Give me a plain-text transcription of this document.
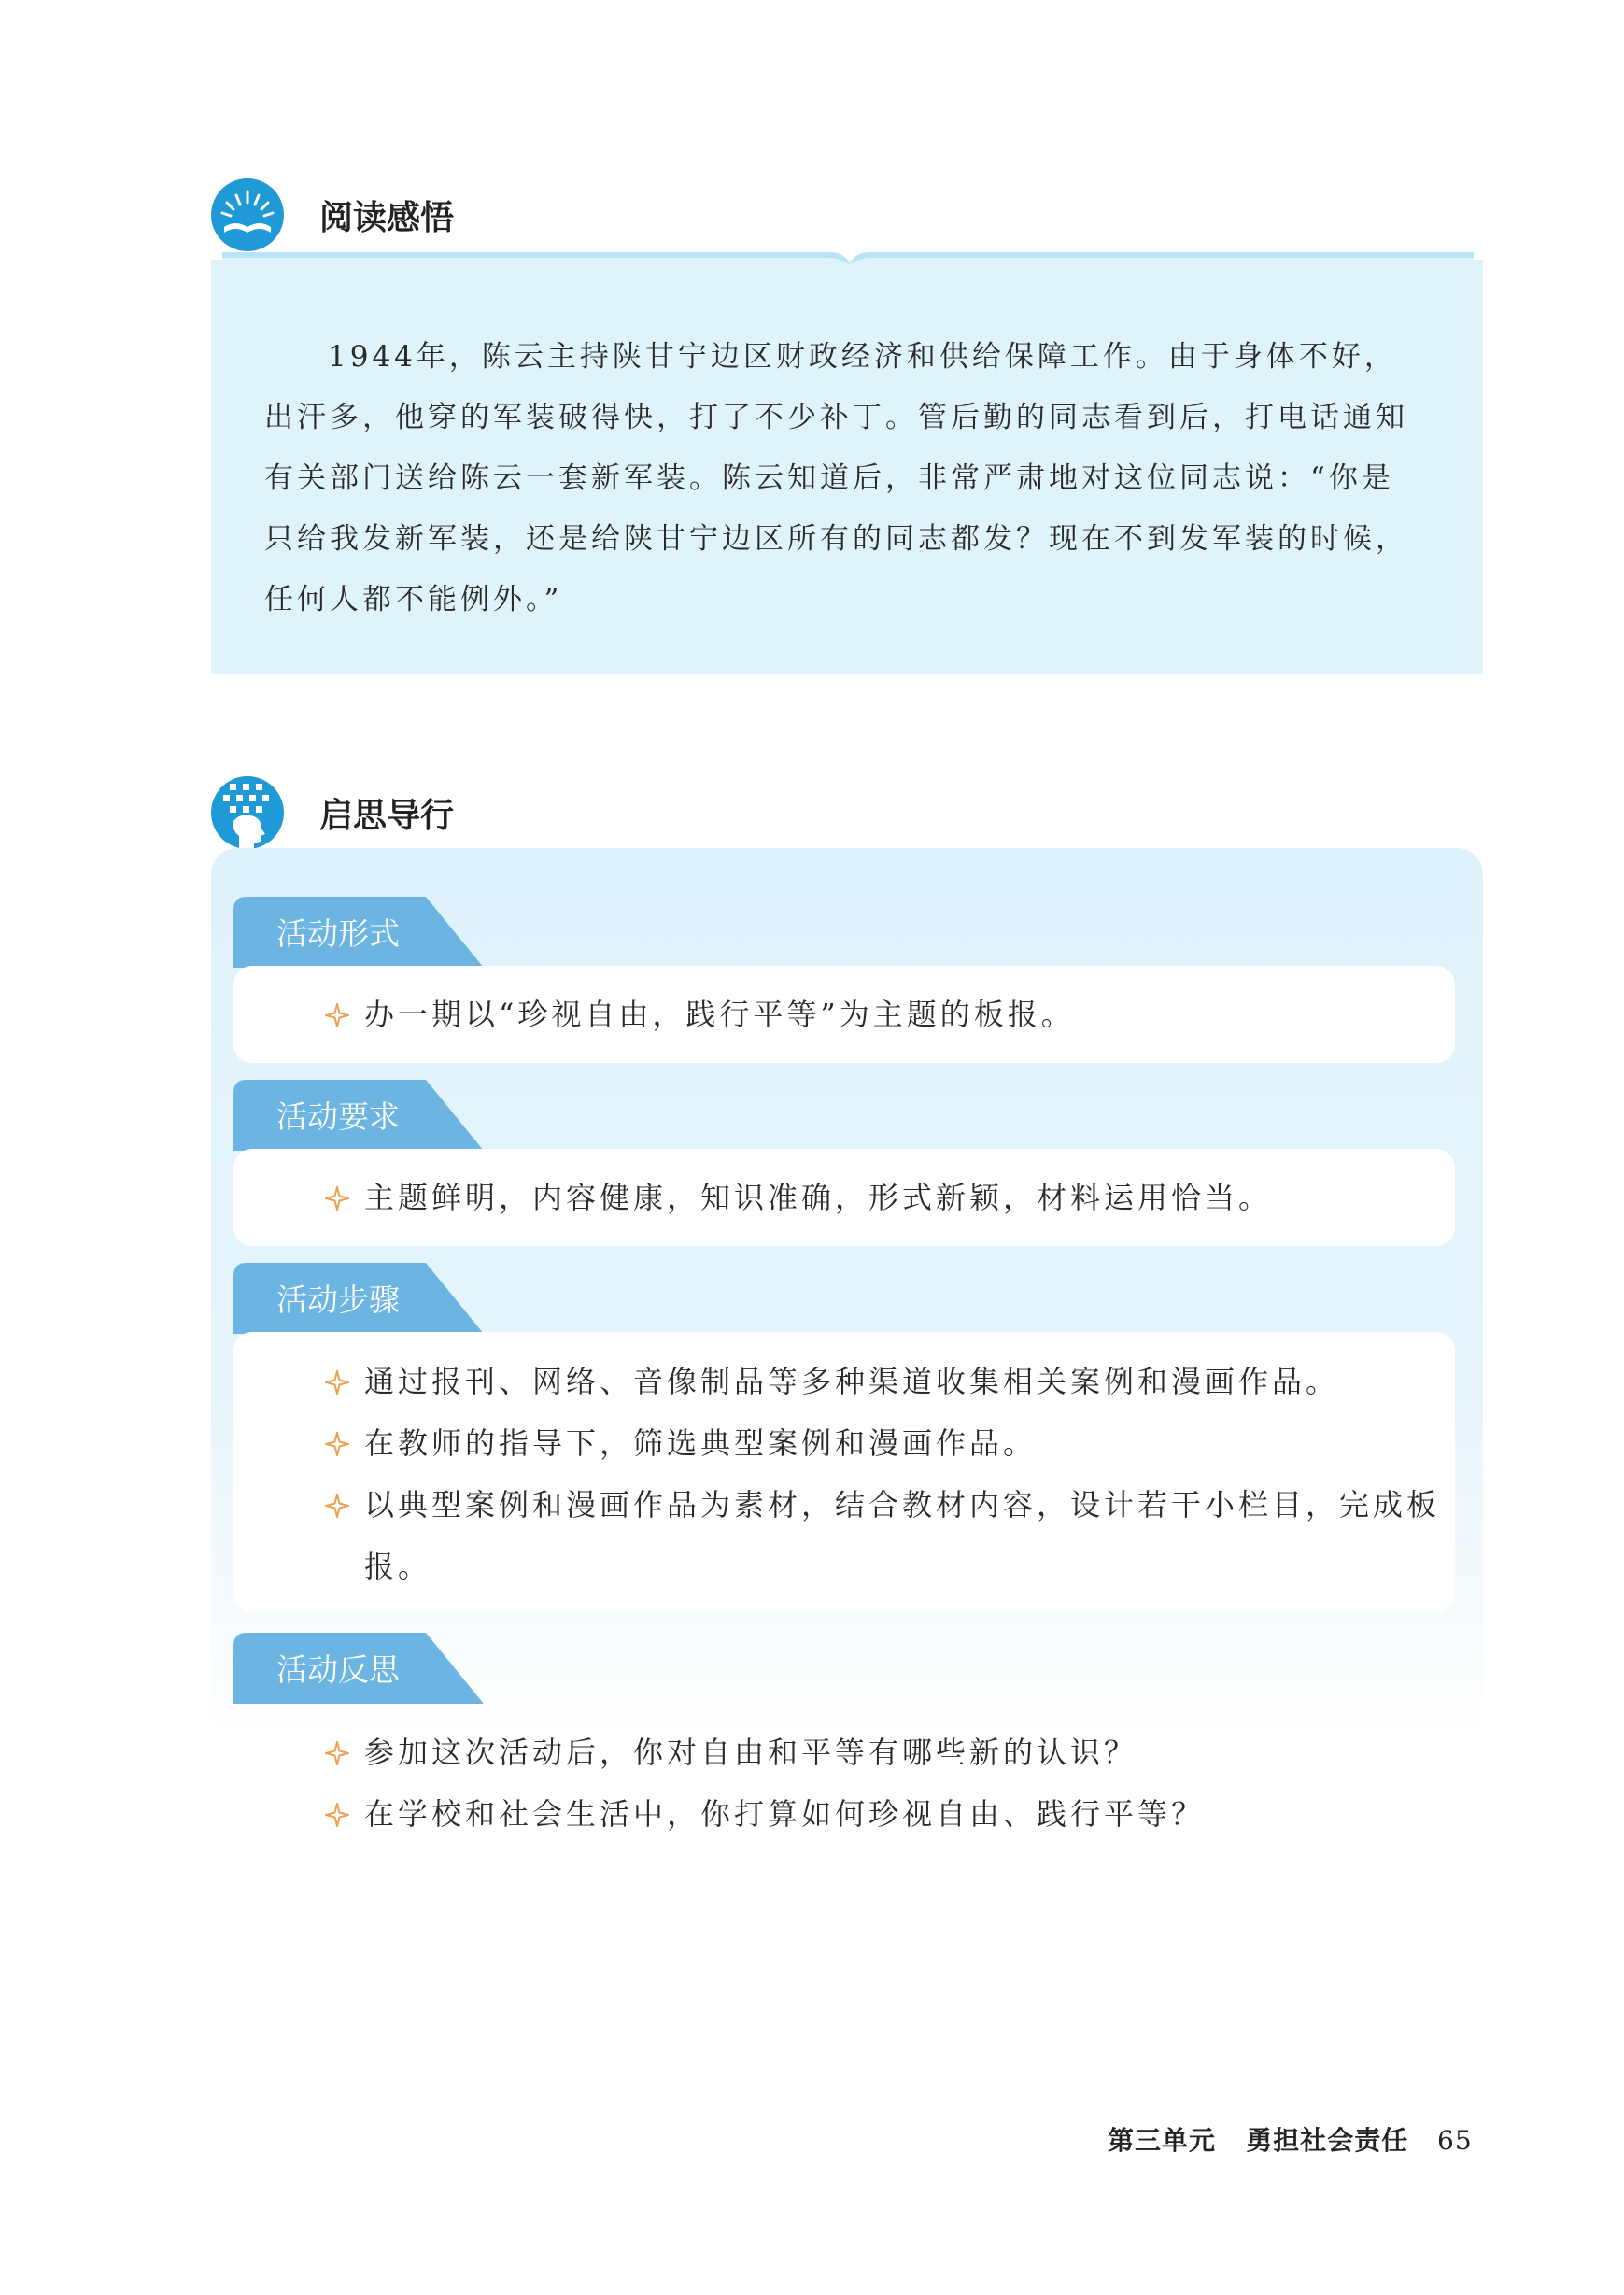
阅读感悟

1944年，陈云主持陕甘宁边区财政经济和供给保障工作。由于身体不好，出汗多，他穿的军装破得快，打了不少补丁。管后勤的同志看到后，打电话通知有关部门送给陈云一套新军装。陈云知道后，非常严肃地对这位同志说：“你是只给我发新军装，还是给陕甘宁边区所有的同志都发？现在不到发军装的时候，任何人都不能例外。”

启思导行
活动形式
办一期以“珍视自由，践行平等”为主题的板报。
活动要求
主题鲜明，内容健康，知识准确，形式新颖，材料运用恰当。
活动步骤
通过报刊、网络、音像制品等多种渠道收集相关案例和漫画作品。
在教师的指导下，筛选典型案例和漫画作品。
以典型案例和漫画作品为素材，结合教材内容，设计若干小栏目，完成板报。
活动反思
参加这次活动后，你对自由和平等有哪些新的认识？
在学校和社会生活中，你打算如何珍视自由、践行平等？
第三单元 勇担社会责任 65
